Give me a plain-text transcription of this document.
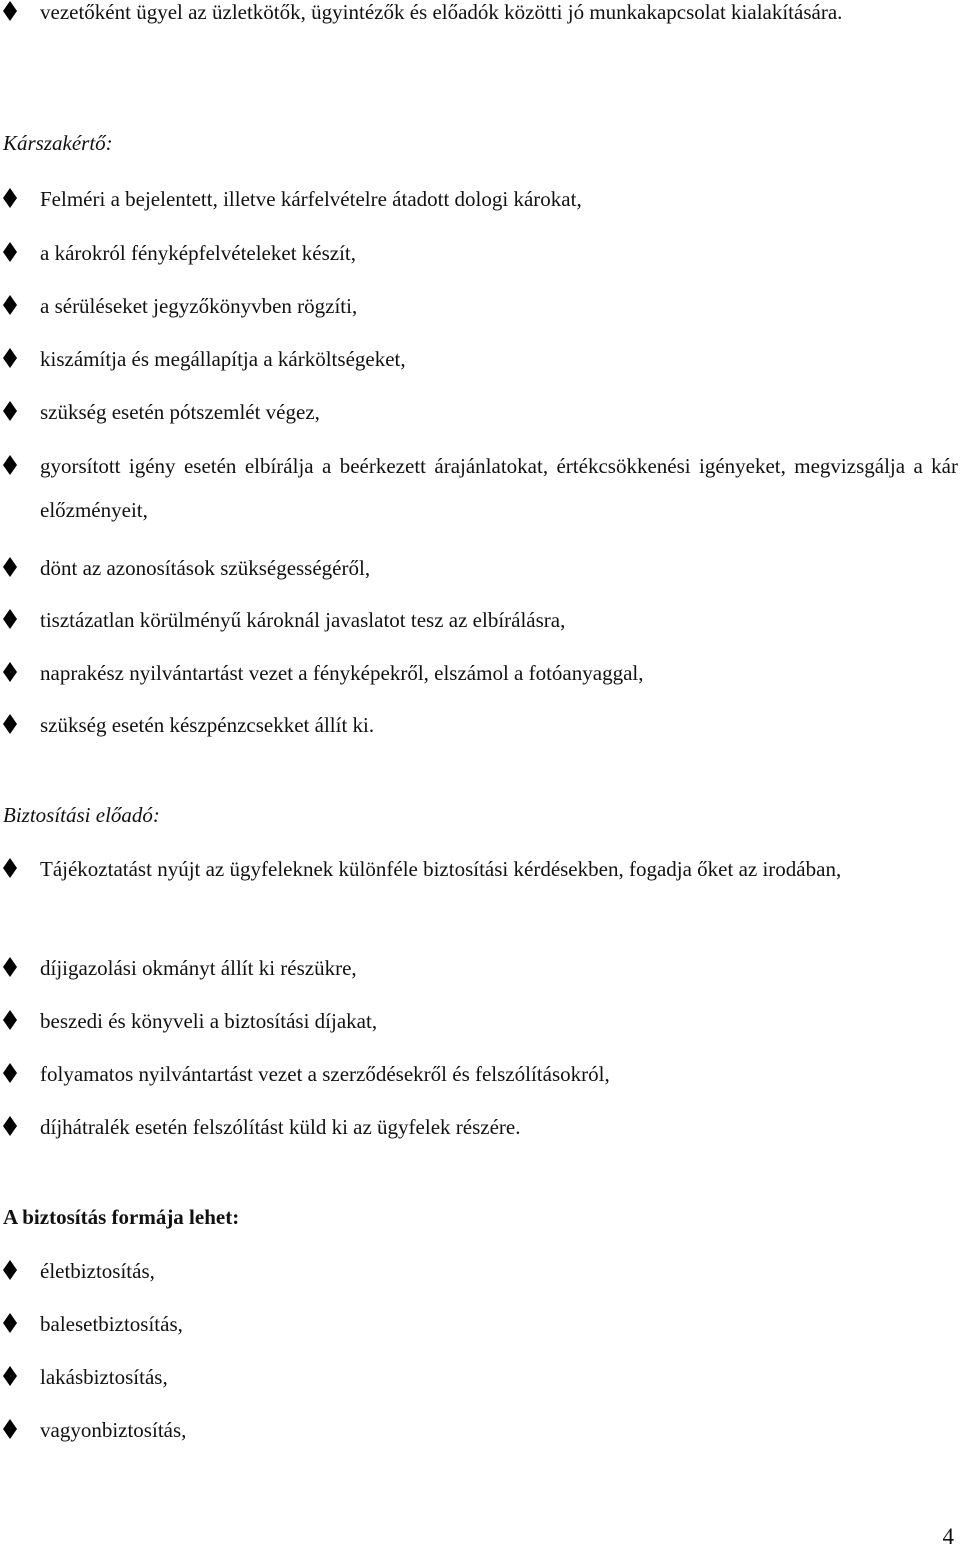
vezetőként ügyel az üzletkötők, ügyintézők és előadók közötti jó munkakapcsolat kialakítására.
Kárszakértő:
Felméri a bejelentett, illetve kárfelvételre átadott dologi károkat,
a károkról fényképfelvételeket készít,
a sérüléseket jegyzőkönyvben rögzíti,
kiszámítja és megállapítja a kárköltségeket,
szükség esetén pótszemlét végez,
gyorsított igény esetén elbírálja a beérkezett árajánlatokat, értékcsökkenési igényeket, megvizsgálja a kár előzményeit,
dönt az azonosítások szükségességéről,
tisztázatlan körülményű károknál javaslatot tesz az elbírálásra,
naprakész nyilvántartást vezet a fényképekről, elszámol a fotóanyaggal,
szükség esetén készpénzcsekket állít ki.
Biztosítási előadó:
Tájékoztatást nyújt az ügyfeleknek különféle biztosítási kérdésekben, fogadja őket az irodában,
díjigazolási okmányt állít ki részükre,
beszedi és könyveli a biztosítási díjakat,
folyamatos nyilvántartást vezet a szerződésekről és felszólításokról,
díjhátralék esetén felszólítást küld ki az ügyfelek részére.
A biztosítás formája lehet:
életbiztosítás,
balesetbiztosítás,
lakásbiztosítás,
vagyonbiztosítás,
4
